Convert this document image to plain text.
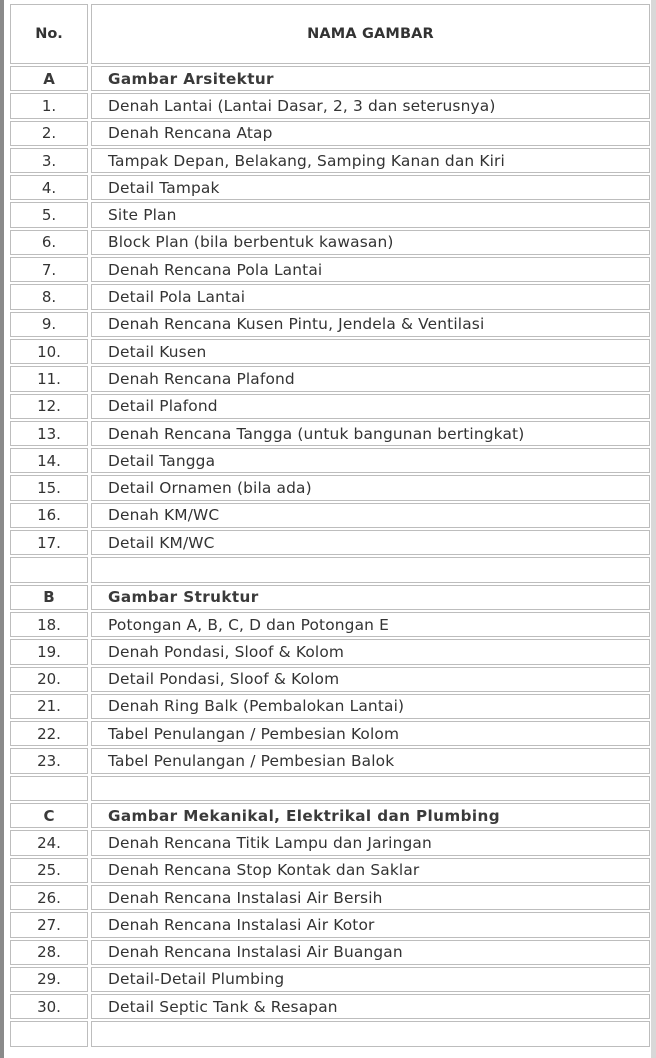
No.	NAMA GAMBAR
A	Gambar Arsitektur
1.	Denah Lantai (Lantai Dasar, 2, 3 dan seterusnya)
2.	Denah Rencana Atap
3.	Tampak Depan, Belakang, Samping Kanan dan Kiri
4.	Detail Tampak
5.	Site Plan
6.	Block Plan (bila berbentuk kawasan)
7.	Denah Rencana Pola Lantai
8.	Detail Pola Lantai
9.	Denah Rencana Kusen Pintu, Jendela & Ventilasi
10.	Detail Kusen
11.	Denah Rencana Plafond
12.	Detail Plafond
13.	Denah Rencana Tangga (untuk bangunan bertingkat)
14.	Detail Tangga
15.	Detail Ornamen (bila ada)
16.	Denah KM/WC
17.	Detail KM/WC
B	Gambar Struktur
18.	Potongan A, B, C, D dan Potongan E
19.	Denah Pondasi, Sloof & Kolom
20.	Detail Pondasi, Sloof & Kolom
21.	Denah Ring Balk (Pembalokan Lantai)
22.	Tabel Penulangan / Pembesian Kolom
23.	Tabel Penulangan / Pembesian Balok
C	Gambar Mekanikal, Elektrikal dan Plumbing
24.	Denah Rencana Titik Lampu dan Jaringan
25.	Denah Rencana Stop Kontak dan Saklar
26.	Denah Rencana Instalasi Air Bersih
27.	Denah Rencana Instalasi Air Kotor
28.	Denah Rencana Instalasi Air Buangan
29.	Detail-Detail Plumbing
30.	Detail Septic Tank & Resapan
